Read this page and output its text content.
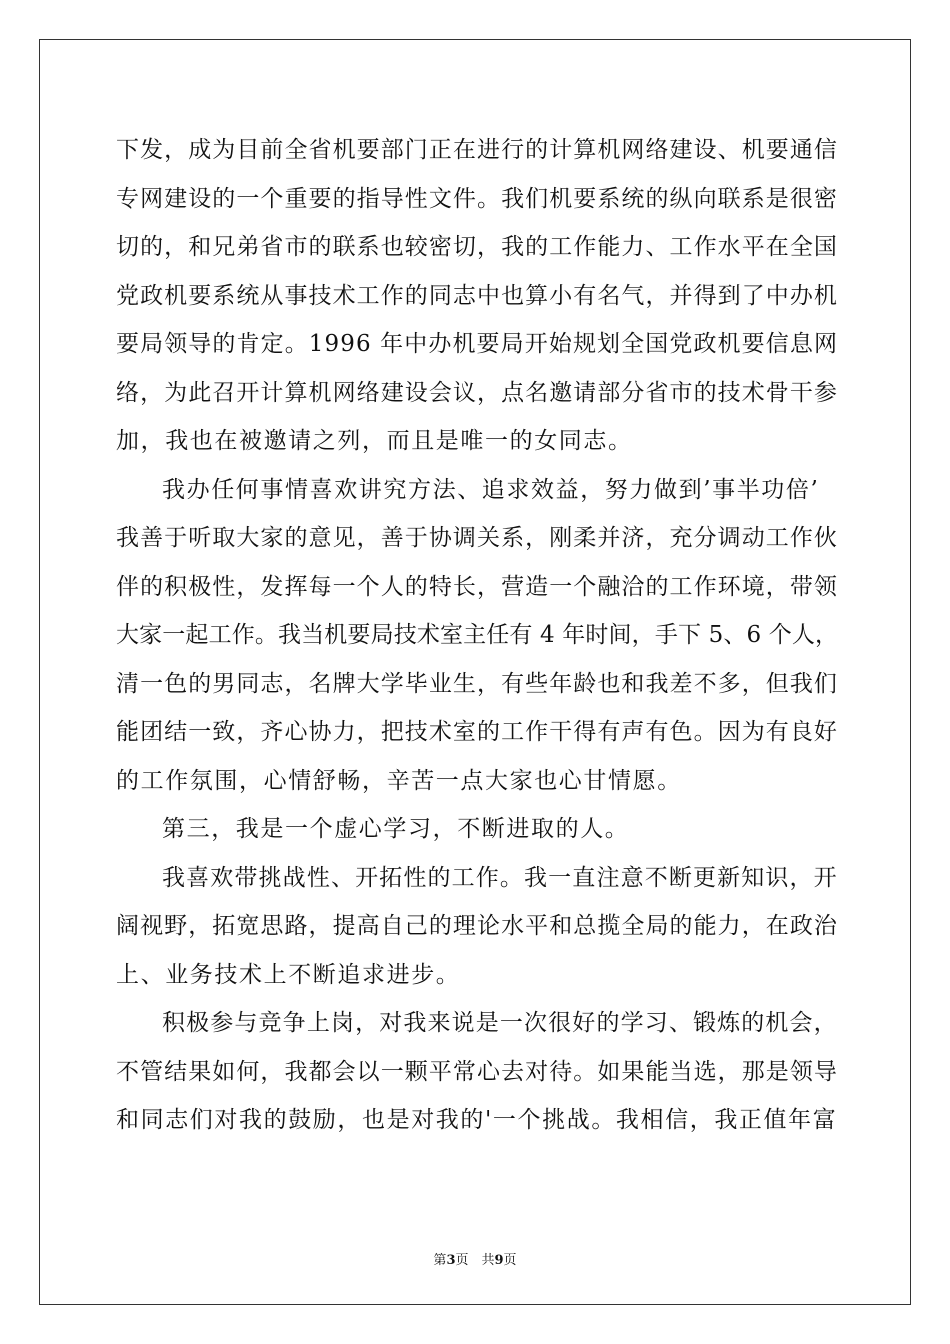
下发，成为目前全省机要部门正在进行的计算机网络建设、机要通信
专网建设的一个重要的指导性文件。我们机要系统的纵向联系是很密
切的，和兄弟省市的联系也较密切，我的工作能力、工作水平在全国
党政机要系统从事技术工作的同志中也算小有名气，并得到了中办机
要局领导的肯定。1996 年中办机要局开始规划全国党政机要信息网
络，为此召开计算机网络建设会议，点名邀请部分省市的技术骨干参
加，我也在被邀请之列，而且是唯一的女同志。
我办任何事情喜欢讲究方法、追求效益，努力做到’事半功倍’
我善于听取大家的意见，善于协调关系，刚柔并济，充分调动工作伙
伴的积极性，发挥每一个人的特长，营造一个融洽的工作环境，带领
大家一起工作。我当机要局技术室主任有 4 年时间，手下 5、6 个人，
清一色的男同志，名牌大学毕业生，有些年龄也和我差不多，但我们
能团结一致，齐心协力，把技术室的工作干得有声有色。因为有良好
的工作氛围，心情舒畅，辛苦一点大家也心甘情愿。
第三，我是一个虚心学习，不断进取的人。
我喜欢带挑战性、开拓性的工作。我一直注意不断更新知识，开
阔视野，拓宽思路，提高自己的理论水平和总揽全局的能力，在政治
上、业务技术上不断追求进步。
积极参与竞争上岗，对我来说是一次很好的学习、锻炼的机会，
不管结果如何，我都会以一颗平常心去对待。如果能当选，那是领导
和同志们对我的鼓励，也是对我的'一个挑战。我相信，我正值年富
第3页　共9页
